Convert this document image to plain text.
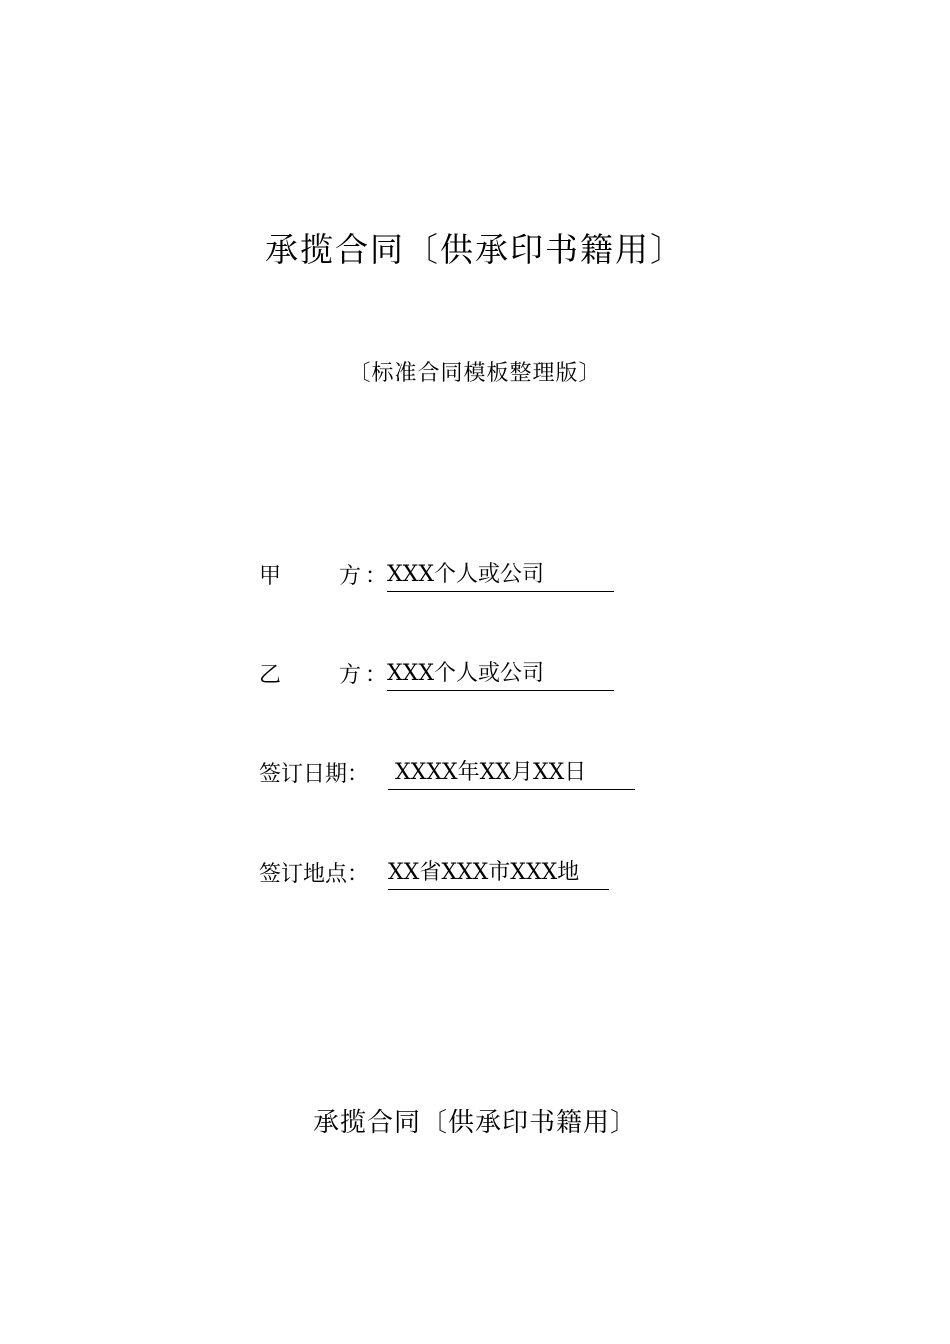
承揽合同〔供承印书籍用〕
〔标准合同模板整理版〕
甲	方 ： XXX个人或公司
乙	方 ： XXX个人或公司
签订日期： XXXX年XX月XX日
签订地点： XX省XXX市XXX地
承揽合同〔供承印书籍用〕
